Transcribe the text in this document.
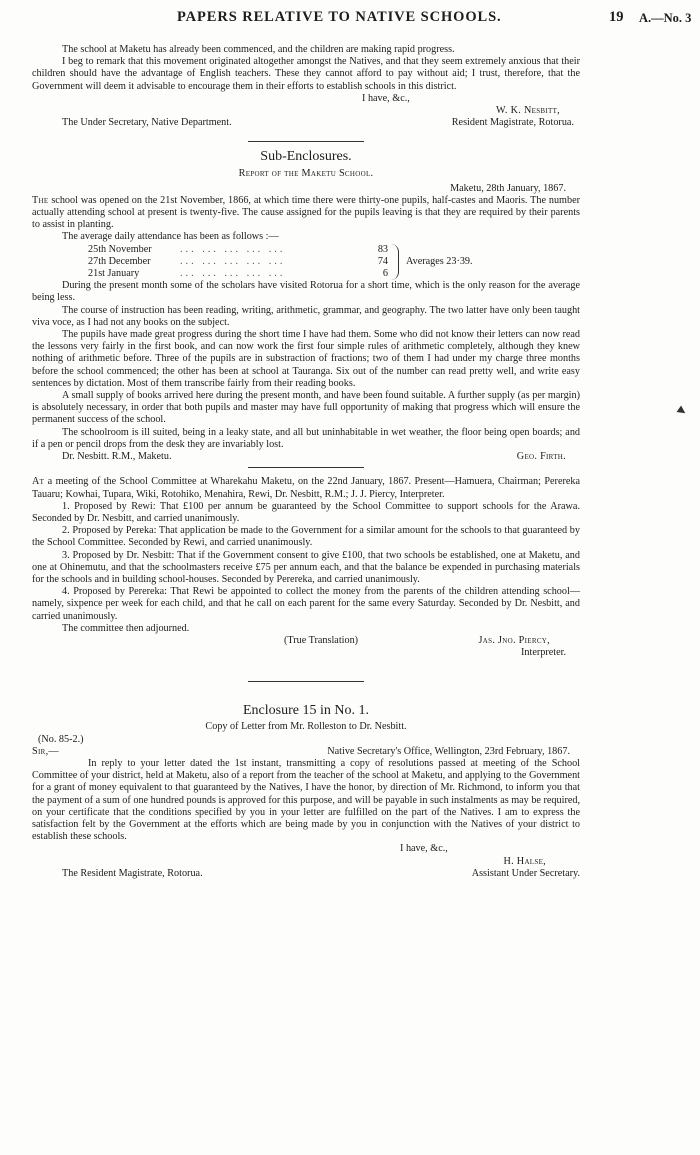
PAPERS RELATIVE TO NATIVE SCHOOLS.	19 A.—No. 3

The school at Maketu has already been commenced, and the children are making rapid progress.

I beg to remark that this movement originated altogether amongst the Natives, and that they seem extremely anxious that their children should have the advantage of English teachers. These they cannot afford to pay without aid; I trust, therefore, that the Government will deem it advisable to encourage them in their efforts to establish schools in this district.

I have, &c.,

W. K. Nesbitt,

The Under Secretary, Native Department.	Resident Magistrate, Rotorua.
Sub-Enclosures.
Report of the Maketu School.

Maketu, 28th January, 1867.

The school was opened on the 21st November, 1866, at which time there were thirty-one pupils, half-castes and Maoris. The number actually attending school at present is twenty-five. The cause assigned for the pupils leaving is that they are required by their parents to assist in planting.

The average daily attendance has been as follows :—

25th November	... ... ... ... ...	83
27th December	... ... ... ... ...	74
21st January	... ... ... ... ...	6
Averages 23·39.

During the present month some of the scholars have visited Rotorua for a short time, which is the only reason for the average being less.

The course of instruction has been reading, writing, arithmetic, grammar, and geography. The two latter have only been taught viva voce, as I had not any books on the subject.

The pupils have made great progress during the short time I have had them. Some who did not know their letters can now read the lessons very fairly in the first book, and can now work the first four simple rules of arithmetic completely, although they knew nothing of arithmetic before. Three of the pupils are in substraction of fractions; two of them I had under my charge three months before the school commenced; the other has been at school at Tauranga. Six out of the number can read pretty well, and write easy sentences by dictation. Most of them transcribe fairly from their reading books.

A small supply of books arrived here during the present month, and have been found suitable. A further supply (as per margin) is absolutely necessary, in order that both pupils and master may have full opportunity of making that progress which will ensure the permanent success of the school.

The schoolroom is ill suited, being in a leaky state, and all but uninhabitable in wet weather, the floor being open boards; and if a pen or pencil drops from the desk they are invariably lost.

Dr. Nesbitt. R.M., Maketu.	Geo. Firth.

At a meeting of the School Committee at Wharekahu Maketu, on the 22nd January, 1867. Present—Hamuera, Chairman; Perereka Tauaru; Kowhai, Tupara, Wiki, Rotohiko, Menahira, Rewi, Dr. Nesbitt, R.M.; J. J. Piercy, Interpreter.

1. Proposed by Rewi: That £100 per annum be guaranteed by the School Committee to support schools for the Arawa. Seconded by Dr. Nesbitt, and carried unanimously.

2. Proposed by Pereka: That application be made to the Government for a similar amount for the schools to that guaranteed by the School Committee. Seconded by Rewi, and carried unanimously.

3. Proposed by Dr. Nesbitt: That if the Government consent to give £100, that two schools be established, one at Maketu, and one at Ohinemutu, and that the schoolmasters receive £75 per annum each, and that the balance be expended in purchasing materials for the schools and in building school-houses. Seconded by Perereka, and carried unanimously.

4. Proposed by Perereka: That Rewi be appointed to collect the money from the parents of the children attending school—namely, sixpence per week for each child, and that he call on each parent for the same every Saturday. Seconded by Dr. Nesbitt, and carried unanimously.

The committee then adjourned.

(True Translation)	Jas. Jno. Piercy,

Interpreter.

Enclosure 15 in No. 1.
Copy of Letter from Mr. Rolleston to Dr. Nesbitt.

(No. 85-2.)

Sir,—	Native Secretary's Office, Wellington, 23rd February, 1867.

In reply to your letter dated the 1st instant, transmitting a copy of resolutions passed at meeting of the School Committee of your district, held at Maketu, also of a report from the teacher of the school at Maketu, and applying to the Government for a grant of money equivalent to that guaranteed by the Natives, I have the honor, by direction of Mr. Richmond, to inform you that the payment of a sum of one hundred pounds is approved for this purpose, and will be payable in such instalments as may be required, on your certificate that the conditions specified by you in your letter are fulfilled on the part of the Natives. I am to express the satisfaction felt by the Government at the efforts which are being made by you in conjunction with the Natives of your district to establish these schools.

I have, &c.,

H. Halse,

The Resident Magistrate, Rotorua.	Assistant Under Secretary.
